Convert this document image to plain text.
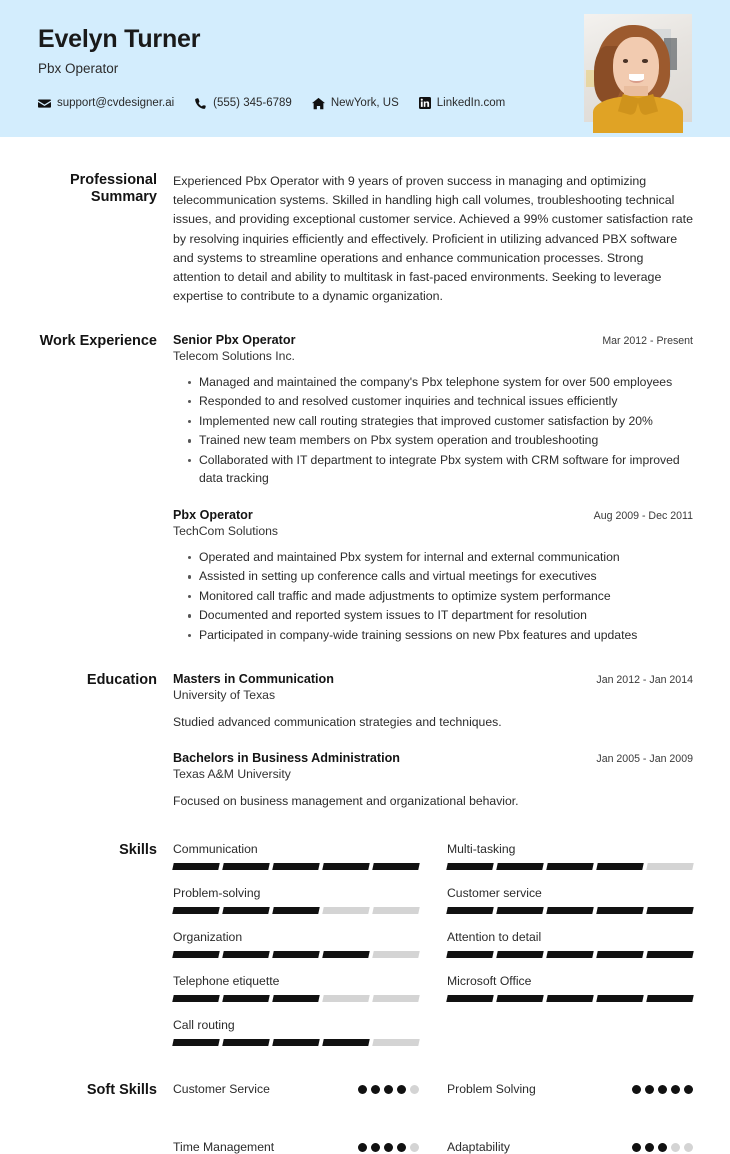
Evelyn Turner
Pbx Operator
support@cvdesigner.ai	(555) 345-6789	NewYork, US	LinkedIn.com
Professional Summary
Experienced Pbx Operator with 9 years of proven success in managing and optimizing telecommunication systems. Skilled in handling high call volumes, troubleshooting technical issues, and providing exceptional customer service. Achieved a 99% customer satisfaction rate by resolving inquiries efficiently and effectively. Proficient in utilizing advanced PBX software and systems to streamline operations and enhance communication processes. Strong attention to detail and ability to multitask in fast-paced environments. Seeking to leverage expertise to contribute to a dynamic organization.
Work Experience Senior Pbx Operator	Mar 2012 - Present
Telecom Solutions Inc.
Managed and maintained the company's Pbx telephone system for over 500 employees
Responded to and resolved customer inquiries and technical issues efficiently
Implemented new call routing strategies that improved customer satisfaction by 20%
Trained new team members on Pbx system operation and troubleshooting
Collaborated with IT department to integrate Pbx system with CRM software for improved data tracking
Pbx Operator	Aug 2009 - Dec 2011
TechCom Solutions
Operated and maintained Pbx system for internal and external communication
Assisted in setting up conference calls and virtual meetings for executives
Monitored call traffic and made adjustments to optimize system performance
Documented and reported system issues to IT department for resolution
Participated in company-wide training sessions on new Pbx features and updates
Education Masters in Communication	Jan 2012 - Jan 2014
University of Texas
Studied advanced communication strategies and techniques.
Bachelors in Business Administration	Jan 2005 - Jan 2009
Texas A&M University
Focused on business management and organizational behavior.
Skills Communication	Multi-tasking
Problem-solving	Customer service
Organization	Attention to detail
Telephone etiquette	Microsoft Office
Call routing
Soft Skills Customer Service	Problem Solving
Time Management	Adaptability
